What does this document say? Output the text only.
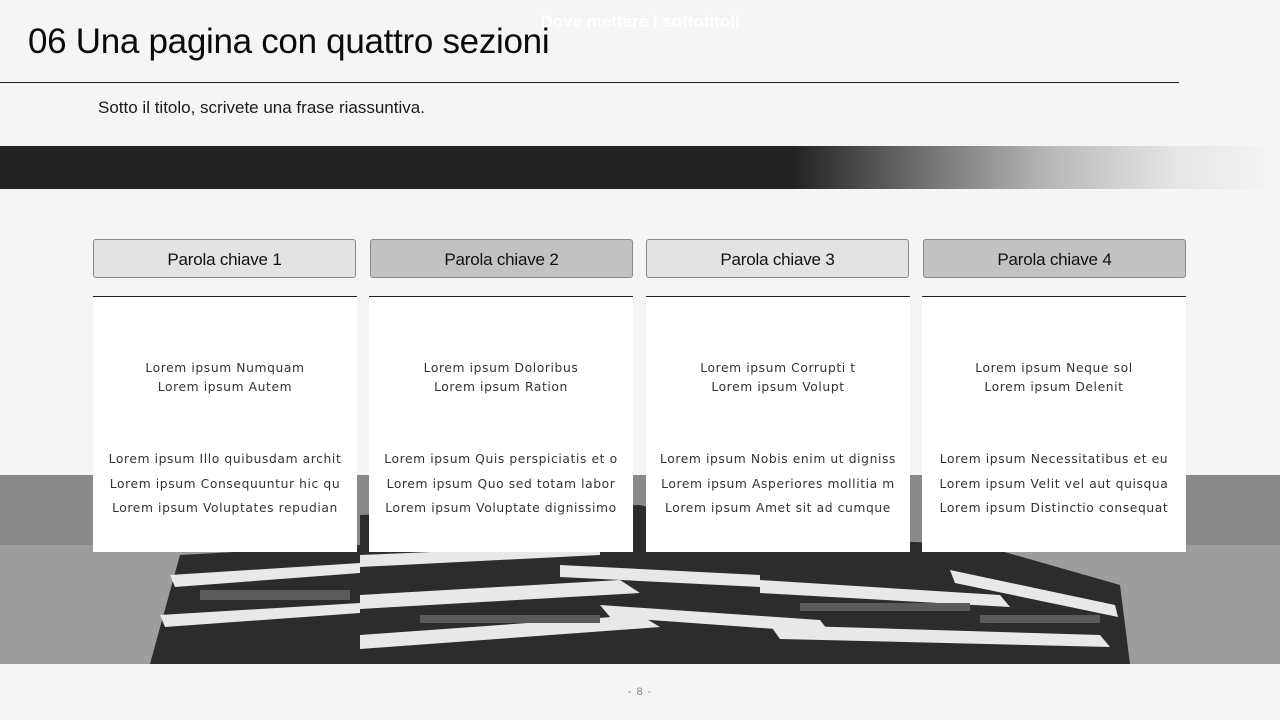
06 Una pagina con quattro sezioni
Sotto il titolo, scrivete una frase riassuntiva.
Dove mettere i sottotitoli
Parola chiave 1	Parola chiave 2	Parola chiave 3	Parola chiave 4
Lorem ipsum Numquam
Lorem ipsum Autem
Lorem ipsum Illo quibusdam archit
Lorem ipsum Consequuntur hic qu
Lorem ipsum Voluptates repudian
Lorem ipsum Doloribus
Lorem ipsum Ration
Lorem ipsum Quis perspiciatis et o
Lorem ipsum Quo sed totam labor
Lorem ipsum Voluptate dignissimo
Lorem ipsum Corrupti t
Lorem ipsum Volupt
Lorem ipsum Nobis enim ut digniss
Lorem ipsum Asperiores mollitia m
Lorem ipsum Amet sit ad cumque
Lorem ipsum Neque sol
Lorem ipsum Delenit
Lorem ipsum Necessitatibus et eu
Lorem ipsum Velit vel aut quisqua
Lorem ipsum Distinctio consequat
- 8 -
